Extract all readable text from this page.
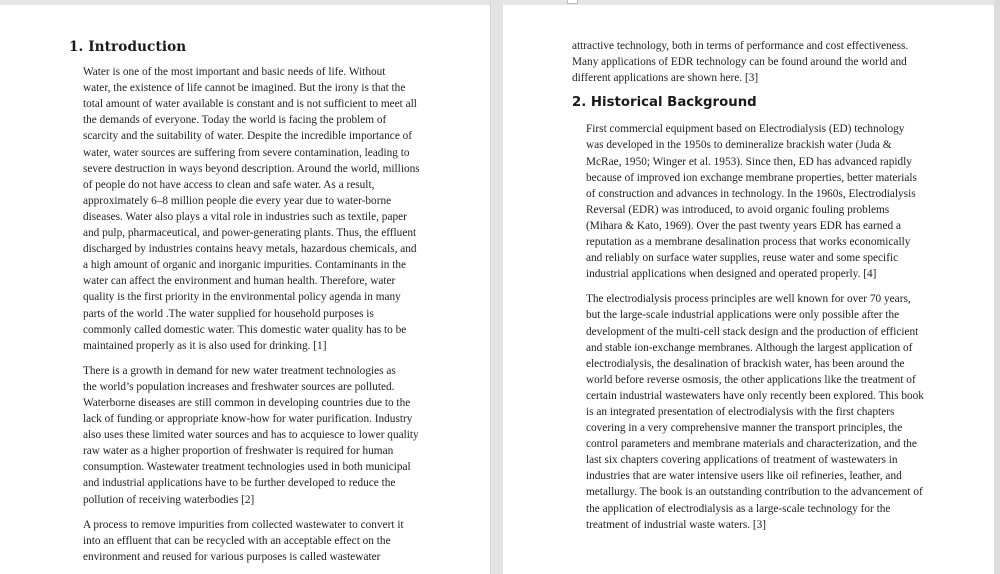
1. Introduction

Water is one of the most important and basic needs of life. Without
water, the existence of life cannot be imagined. But the irony is that the
total amount of water available is constant and is not sufficient to meet all
the demands of everyone. Today the world is facing the problem of
scarcity and the suitability of water. Despite the incredible importance of
water, water sources are suffering from severe contamination, leading to
severe destruction in ways beyond description. Around the world, millions
of people do not have access to clean and safe water. As a result,
approximately 6–8 million people die every year due to water-borne
diseases. Water also plays a vital role in industries such as textile, paper
and pulp, pharmaceutical, and power-generating plants. Thus, the effluent
discharged by industries contains heavy metals, hazardous chemicals, and
a high amount of organic and inorganic impurities. Contaminants in the
water can affect the environment and human health. Therefore, water
quality is the first priority in the environmental policy agenda in many
parts of the world .The water supplied for household purposes is
commonly called domestic water. This domestic water quality has to be
maintained properly as it is also used for drinking. [1]

There is a growth in demand for new water treatment technologies as
the world’s population increases and freshwater sources are polluted.
Waterborne diseases are still common in developing countries due to the
lack of funding or appropriate know-how for water purification. Industry
also uses these limited water sources and has to acquiesce to lower quality
raw water as a higher proportion of freshwater is required for human
consumption. Wastewater treatment technologies used in both municipal
and industrial applications have to be further developed to reduce the
pollution of receiving waterbodies [2]

A process to remove impurities from collected wastewater to convert it
into an effluent that can be recycled with an acceptable effect on the
environment and reused for various purposes is called wastewater

attractive technology, both in terms of performance and cost effectiveness.
Many applications of EDR technology can be found around the world and
different applications are shown here. [3]

2. Historical Background

First commercial equipment based on Electrodialysis (ED) technology
was developed in the 1950s to demineralize brackish water (Juda &
McRae, 1950; Winger et al. 1953). Since then, ED has advanced rapidly
because of improved ion exchange membrane properties, better materials
of construction and advances in technology. In the 1960s, Electrodialysis
Reversal (EDR) was introduced, to avoid organic fouling problems
(Mihara & Kato, 1969). Over the past twenty years EDR has earned a
reputation as a membrane desalination process that works economically
and reliably on surface water supplies, reuse water and some specific
industrial applications when designed and operated properly. [4]

The electrodialysis process principles are well known for over 70 years,
but the large-scale industrial applications were only possible after the
development of the multi-cell stack design and the production of efficient
and stable ion-exchange membranes. Although the largest application of
electrodialysis, the desalination of brackish water, has been around the
world before reverse osmosis, the other applications like the treatment of
certain industrial wastewaters have only recently been explored. This book
is an integrated presentation of electrodialysis with the first chapters
covering in a very comprehensive manner the transport principles, the
control parameters and membrane materials and characterization, and the
last six chapters covering applications of treatment of wastewaters in
industries that are water intensive users like oil refineries, leather, and
metallurgy. The book is an outstanding contribution to the advancement of
the application of electrodialysis as a large-scale technology for the
treatment of industrial waste waters. [3]
